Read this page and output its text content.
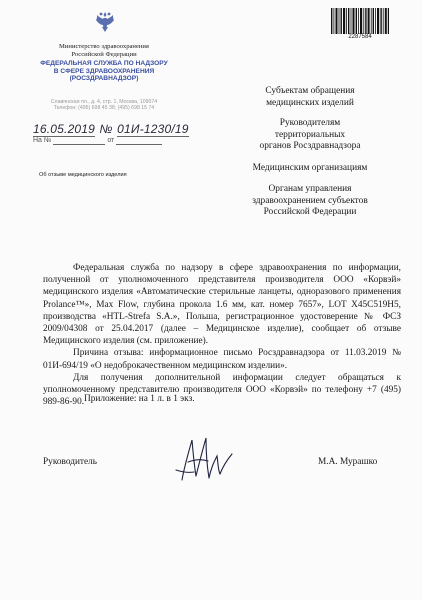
Министерство здравоохранения
Российской Федерации
ФЕДЕРАЛЬНАЯ СЛУЖБА ПО НАДЗОРУ
В СФЕРЕ ЗДРАВООХРАНЕНИЯ
(РОСЗДРАВНАДЗОР)
Славянская пл., д. 4, стр. 1, Москва, 109074
Телефон: (495) 698 45 38; (495) 698 15 74
16.05.2019 № 01И-1230/19
На №	от
Об отзыве медицинского изделия
2287584
Субъектам обращения
медицинских изделий
Руководителям
территориальных
органов Росздравнадзора
Медицинским организациям
Органам управления
здравоохранением субъектов
Российской Федерации

Федеральная служба по надзору в сфере здравоохранения по информации, полученной от уполномоченного представителя производителя ООО «Корвэй» медицинского изделия «Автоматические стерильные ланцеты, одноразового применения Prolance™», Max Flow, глубина прокола 1.6 мм, кат. номер 7657», LOT X45C519H5, производства «HTL-Strefa S.A.», Польша, регистрационное удостоверение № ФСЗ 2009/04308 от 25.04.2017 (далее – Медицинское изделие), сообщает об отзыве Медицинского изделия (см. приложение).

Причина отзыва: информационное письмо Росздравнадзора от 11.03.2019 № 01И-694/19 «О недоброкачественном медицинском изделии».

Для получения дополнительной информации следует обращаться к уполномоченному представителю производителя ООО «Корвэй» по телефону +7 (495) 989-86-90. Приложение: на 1 л. в 1 экз.
Руководитель	М.А. Мурашко
